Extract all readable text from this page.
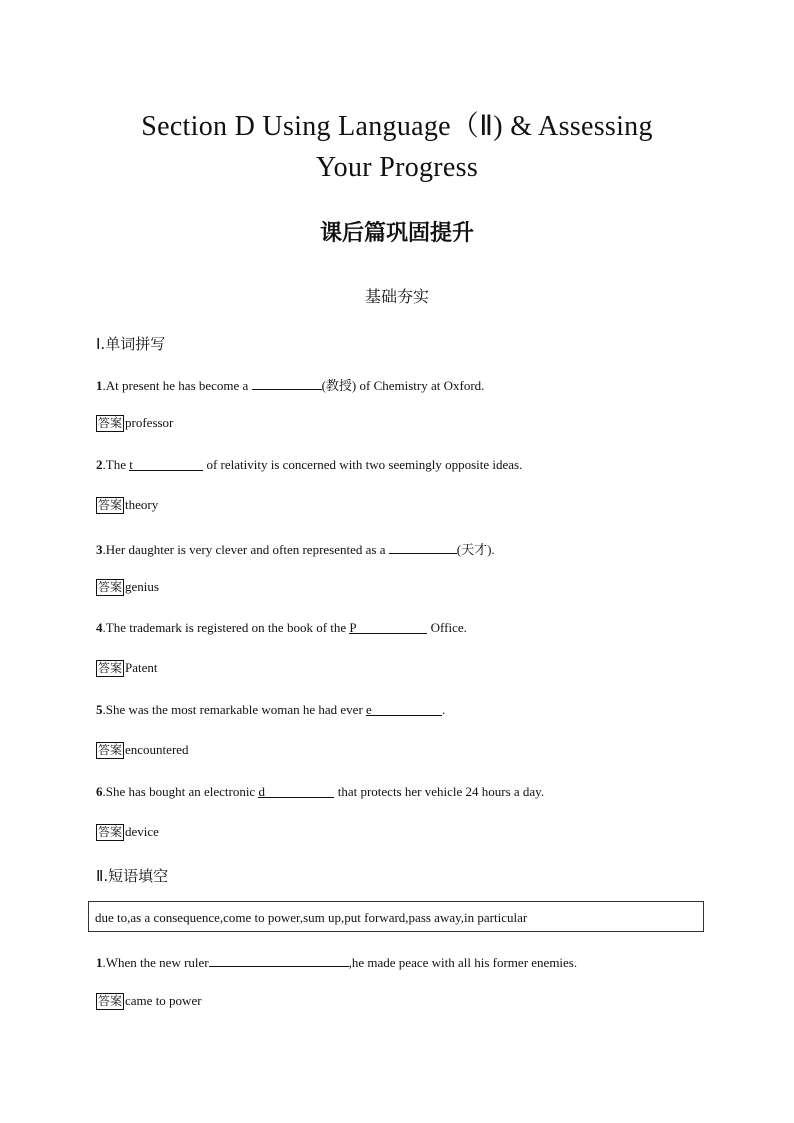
Section D Using Language（Ⅱ) & Assessing
Your Progress
课后篇巩固提升
基础夯实
Ⅰ.单词拼写
1.At present he has become a	(教授) of Chemistry at Oxford.
答案 professor
2.The t	of relativity is concerned with two seemingly opposite ideas.
答案 theory
3.Her daughter is very clever and often represented as a	(天才).
答案 genius
4.The trademark is registered on the book of the P	Office.
答案 Patent
5.She was the most remarkable woman he had ever e	.
答案 encountered
6.She has bought an electronic d	that protects her vehicle 24 hours a day.
答案 device
Ⅱ.短语填空
due to,as a consequence,come to power,sum up,put forward,pass away,in particular
1.When the new ruler	,he made peace with all his former enemies.
答案 came to power
